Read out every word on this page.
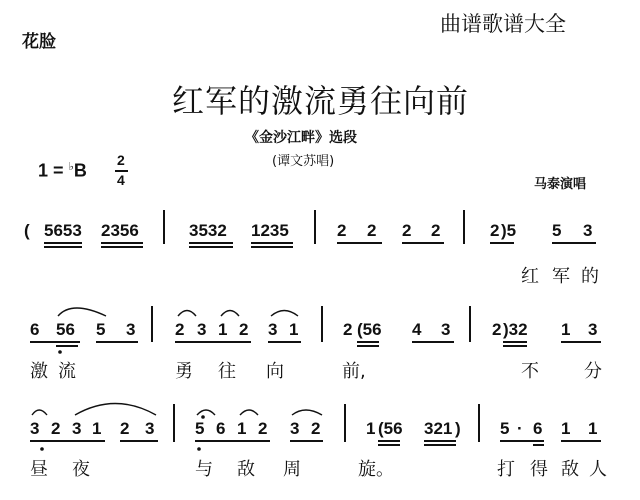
花脸
曲谱歌谱大全
红军的激流勇往向前
《金沙江畔》选段
(谭文苏唱)
马泰演唱
1 = ♭B
2
4
( 5653 2356	3532 1235	2 2 2 2	2 )5 5 3
红 军 的
6 56 5 3 2 3 1 2 3 1	2 (56 4 3 2 )32 1 3
激 流	勇 往 向	前,	不	分
3 2 3 1 2 3 5 6 1 2 3 2	1 (56 321 ) 5 · 6 1 1
昼 夜	与 敌 周	旋。	打 得 敌 人
